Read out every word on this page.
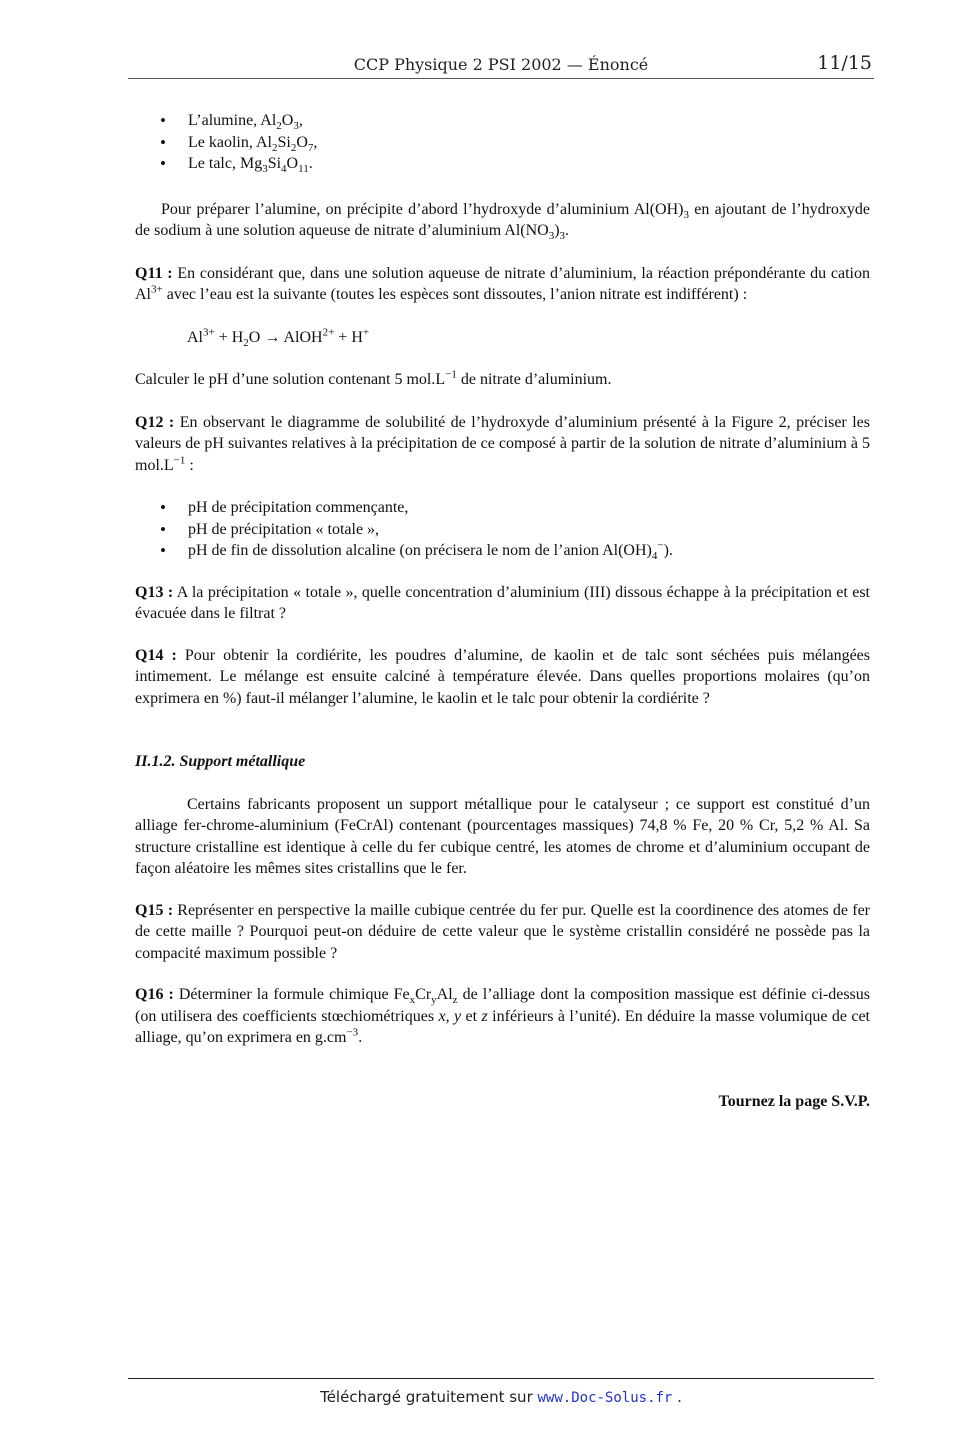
CCP Physique 2 PSI 2002 — Énoncé	11/15
• L’alumine, $Al_2O_3$,
• Le kaolin, $Al_2Si_2O_7$,
• Le talc, $Mg_3Si_4O_{11}$.

Pour préparer l’alumine, on précipite d’abord l’hydroxyde d’aluminium $Al(OH)_3$ en ajoutant de l’hydroxyde de sodium à une solution aqueuse de nitrate d’aluminium $Al(NO_3)_3$.

Q11 : En considérant que, dans une solution aqueuse de nitrate d’aluminium, la réaction prépondérante du cation $Al^{3+}$ avec l’eau est la suivante (toutes les espèces sont dissoutes, l’anion nitrate est indifférent) :

$Al^{3+} + H_2O$ → AlOH$^{2+}$ + H+

Calculer le pH d’une solution contenant 5 $mol.L^{-1}$ de nitrate d’aluminium.

Q12 : En observant le diagramme de solubilité de l’hydroxyde d’aluminium présenté à la Figure 2, préciser les valeurs de pH suivantes relatives à la précipitation de ce composé à partir de la solution de nitrate d’aluminium à 5 $mol.L^{-1}$ :

• pH de précipitation commençante,
• pH de précipitation « totale »,
• pH de fin de dissolution alcaline (on précisera le nom de l’anion $Al(OH)_4^-$).

Q13 : A la précipitation « totale », quelle concentration d’aluminium (III) dissous échappe à la précipitation et est évacuée dans le filtrat ?

Q14 : Pour obtenir la cordiérite, les poudres d’alumine, de kaolin et de talc sont séchées puis mélangées intimement. Le mélange est ensuite calciné à température élevée. Dans quelles proportions molaires (qu’on exprimera en %) faut-il mélanger l’alumine, le kaolin et le talc pour obtenir la cordiérite ?

II.1.2. Support métallique

Certains fabricants proposent un support métallique pour le catalyseur ; ce support est constitué d’un alliage fer-chrome-aluminium (FeCrAl) contenant (pourcentages massiques) 74,8 % Fe, 20 % Cr, 5,2 % Al. Sa structure cristalline est identique à celle du fer cubique centré, les atomes de chrome et d’aluminium occupant de façon aléatoire les mêmes sites cristallins que le fer.

Q15 : Représenter en perspective la maille cubique centrée du fer pur. Quelle est la coordinence des atomes de fer de cette maille ? Pourquoi peut-on déduire de cette valeur que le système cristallin considéré ne possède pas la compacité maximum possible ?

Q16 : Déterminer la formule chimique $Fe_xCr_yAl_z$ de l’alliage dont la composition massique est définie ci-dessus (on utilisera des coefficients stœchiométriques x, y et z inférieurs à l’unité). En déduire la masse volumique de cet alliage, qu’on exprimera en $g.cm^{-3}$.

Tournez la page S.V.P.

Téléchargé gratuitement sur www.Doc-Solus.fr .
